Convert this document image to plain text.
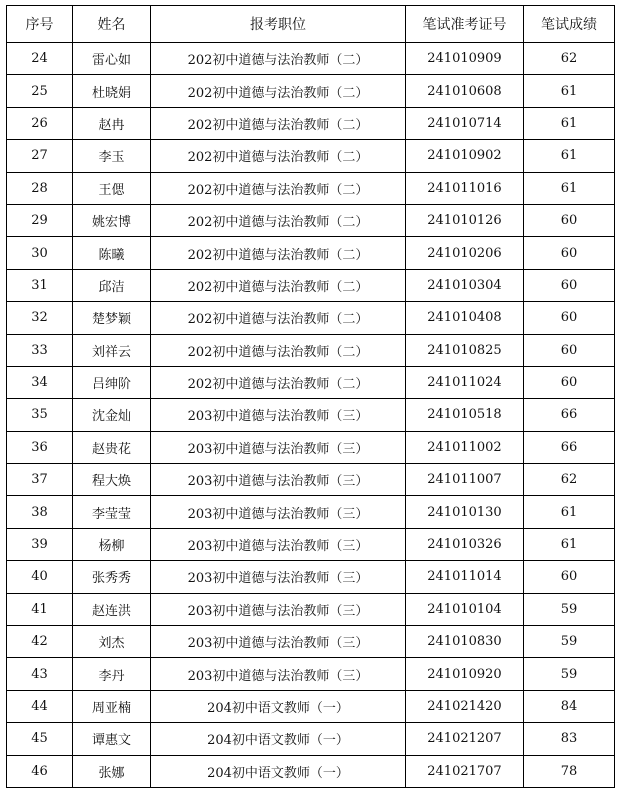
序号	姓名	报考职位	笔试准考证号	笔试成绩
24	雷心如	202初中道德与法治教师（二）	241010909	62
25	杜晓娟	202初中道德与法治教师（二）	241010608	61
26	赵冉	202初中道德与法治教师（二）	241010714	61
27	李玉	202初中道德与法治教师（二）	241010902	61
28	王偲	202初中道德与法治教师（二）	241011016	61
29	姚宏博	202初中道德与法治教师（二）	241010126	60
30	陈曦	202初中道德与法治教师（二）	241010206	60
31	邱洁	202初中道德与法治教师（二）	241010304	60
32	楚梦颖	202初中道德与法治教师（二）	241010408	60
33	刘祥云	202初中道德与法治教师（二）	241010825	60
34	吕绅阶	202初中道德与法治教师（二）	241011024	60
35	沈金灿	203初中道德与法治教师（三）	241010518	66
36	赵贵花	203初中道德与法治教师（三）	241011002	66
37	程大焕	203初中道德与法治教师（三）	241011007	62
38	李莹莹	203初中道德与法治教师（三）	241010130	61
39	杨柳	203初中道德与法治教师（三）	241010326	61
40	张秀秀	203初中道德与法治教师（三）	241011014	60
41	赵连洪	203初中道德与法治教师（三）	241010104	59
42	刘杰	203初中道德与法治教师（三）	241010830	59
43	李丹	203初中道德与法治教师（三）	241010920	59
44	周亚楠	204初中语文教师（一）	241021420	84
45	谭惠文	204初中语文教师（一）	241021207	83
46	张娜	204初中语文教师（一）	241021707	78
